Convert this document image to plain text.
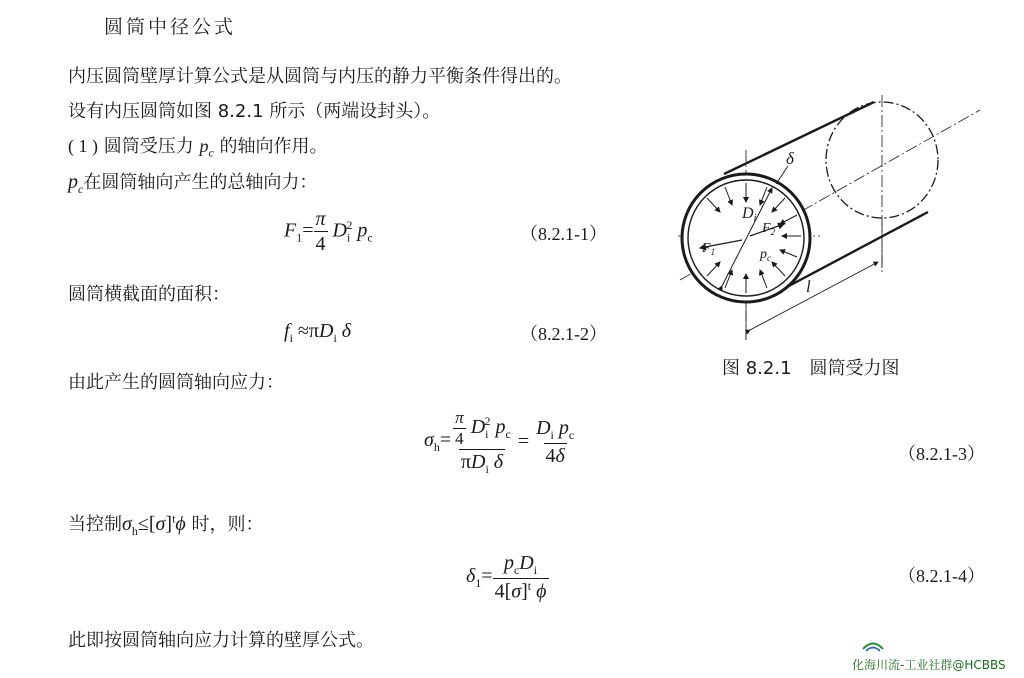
圆筒中径公式
内压圆筒壁厚计算公式是从圆筒与内压的静力平衡条件得出的。
设有内压圆筒如图 8.2.1 所示（两端设封头）。
( 1 ) 圆筒受压力 $p_c$ 的轴向作用。
$p_c$在圆筒轴向产生的总轴向力：
$F_1= \frac{\pi}{4} D_i^2$ $p_c$	（8.2.1-1）
圆筒横截面的面积：
$f_i \approx\pi D_i$ δ	（8.2.1-2）
由此产生的圆筒轴向应力：
$\sigma_h= \frac{\frac{\pi}{4} D_i^2 p_c}{\pi D_i \delta} = \frac{D_i p_c}{4\delta}$	（8.2.1-3）
当控制$\sigma_h\le[\sigma]^t\phi$ 时，则：
$\delta_1= \frac{p_cD_i}{4[\sigma]^t \phi}$	（8.2.1-4）
此即按圆筒轴向应力计算的壁厚公式。
δ
Di
$F_1$
$F_2$
$p_c$
l
图 8.2.1　圆筒受力图
化海川流-工业社群@HCBBS
